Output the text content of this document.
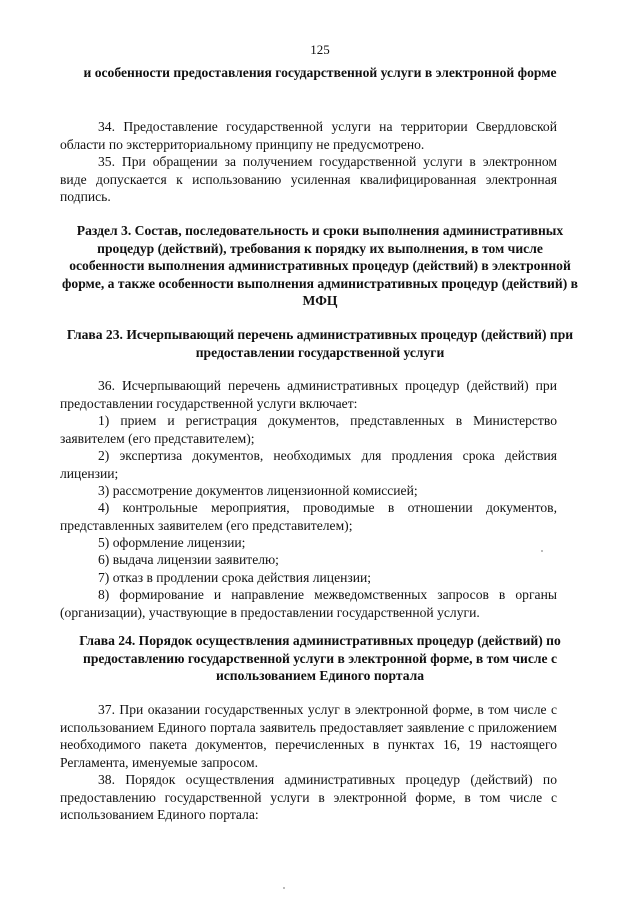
125
и особенности предоставления государственной услуги в электронной форме
34. Предоставление государственной услуги на территории Свердловской области по экстерриториальному принципу не предусмотрено.
35. При обращении за получением государственной услуги в электронном виде допускается к использованию усиленная квалифицированная электронная подпись.
Раздел 3. Состав, последовательность и сроки выполнения административных процедур (действий), требования к порядку их выполнения, в том числе особенности выполнения административных процедур (действий) в электронной форме, а также особенности выполнения административных процедур (действий) в МФЦ
Глава 23. Исчерпывающий перечень административных процедур (действий) при предоставлении государственной услуги
36. Исчерпывающий перечень административных процедур (действий) при предоставлении государственной услуги включает:
1) прием и регистрация документов, представленных в Министерство заявителем (его представителем);
2) экспертиза документов, необходимых для продления срока действия лицензии;
3) рассмотрение документов лицензионной комиссией;
4) контрольные мероприятия, проводимые в отношении документов, представленных заявителем (его представителем);
5) оформление лицензии;
6) выдача лицензии заявителю;
7) отказ в продлении срока действия лицензии;
8) формирование и направление межведомственных запросов в органы (организации), участвующие в предоставлении государственной услуги.
Глава 24. Порядок осуществления административных процедур (действий) по предоставлению государственной услуги в электронной форме, в том числе с использованием Единого портала
37. При оказании государственных услуг в электронной форме, в том числе с использованием Единого портала заявитель предоставляет заявление с приложением необходимого пакета документов, перечисленных в пунктах 16, 19 настоящего Регламента, именуемые запросом.
38. Порядок осуществления административных процедур (действий) по предоставлению государственной услуги в электронной форме, в том числе с использованием Единого портала:
